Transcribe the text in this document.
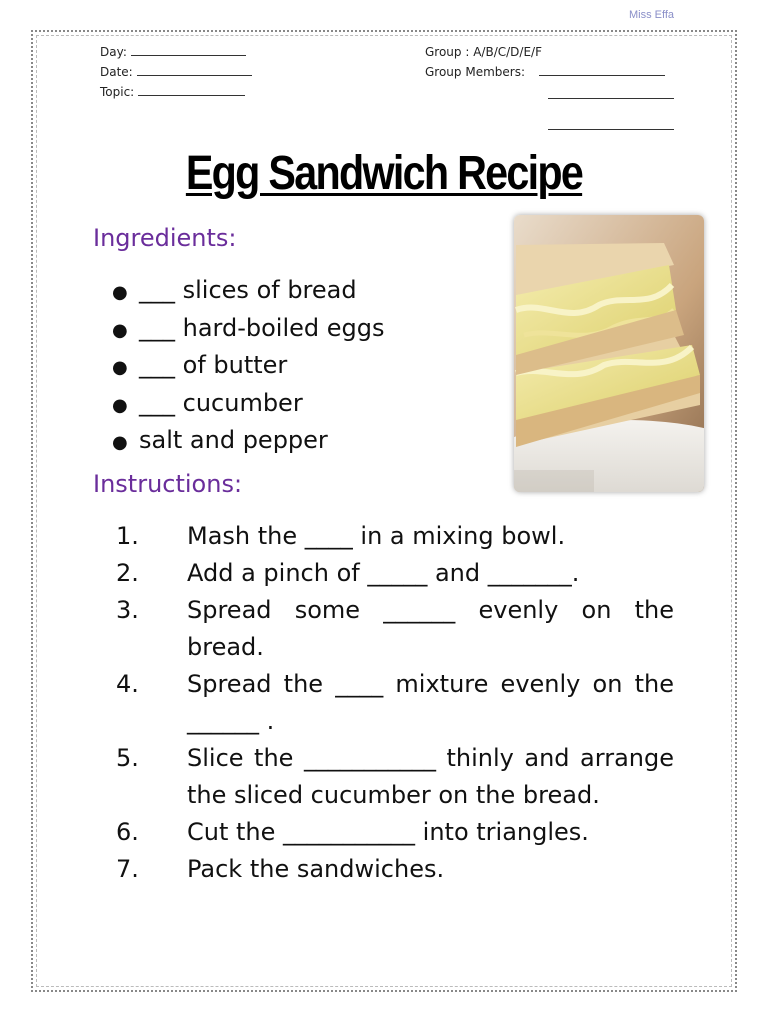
Miss Effa
Day:
Date:
Topic:
Group : A/B/C/D/E/F
Group Members:
Egg Sandwich Recipe
Ingredients:
● ___ slices of bread
● ___ hard-boiled eggs
● ___ of butter
● ___ cucumber
● salt and pepper
Instructions:
1. Mash the ____ in a mixing bowl.
2. Add a pinch of _____ and _______.
3. Spread some ______ evenly on the bread.
4. Spread the ____ mixture evenly on the ______ .
5. Slice the ___________ thinly and arrange the sliced cucumber on the bread.
6. Cut the ___________ into triangles.
7. Pack the sandwiches.
